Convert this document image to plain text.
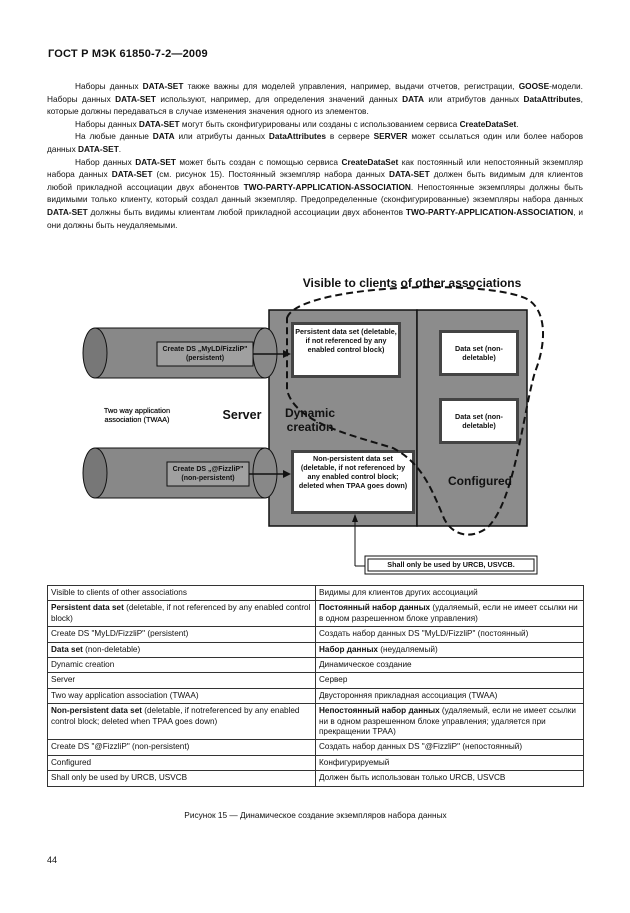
ГОСТ Р МЭК 61850-7-2—2009

Наборы данных DATA-SET также важны для моделей управления, например, выдачи отчетов, регистрации, GOOSE-модели. Наборы данных DATA-SET используют, например, для определения значений данных DATA или атрибутов данных DataAttributes, которые должны передаваться в случае изменения значения одного из элементов.

Наборы данных DATA-SET могут быть сконфигурированы или созданы с использованием сервиса CreateDataSet.

На любые данные DATA или атрибуты данных DataAttributes в сервере SERVER может ссылаться один или более наборов данных DATA-SET.

Набор данных DATA-SET может быть создан с помощью сервиса CreateDataSet как постоянный или непостоянный экземпляр набора данных DATA-SET (см. рисунок 15). Постоянный экземпляр набора данных DATA-SET должен быть видимым для клиентов любой прикладной ассоциации двух абонентов TWO-PARTY-APPLICATION-ASSOCIATION. Непостоянные экземпляры должны быть видимыми только клиенту, который создал данный экземпляр. Предопределенные (сконфигурированные) экземпляры набора данных DATA-SET должны быть видимы клиентам любой прикладной ассоциации двух абонентов TWO-PARTY-APPLICATION-ASSOCIATION, и они должны быть неудаляемыми.

Visible to clients of other associations
Persistent data set (deletable, if not referenced by any enabled control block)
Create DS „MyLD/FizzliP" (persistent)
Two way application association (TWAA)	Server	Dynamic creation
Create DS „@FizzliP" (non-persistent)
Non-persistent data set (deletable, if not referenced by any enabled control block; deleted when TPAA goes down)
Data set (non-deletable)
Data set (non-deletable)
Configured
Shall only be used by URCB, USVCB.
Visible to clients of other associations	Видимы для клиентов других ассоциаций
Persistent data set (deletable, if not referenced by any enabled control block)	Постоянный набор данных (удаляемый, если не имеет ссылки ни в одном разрешенном блоке управления)
Create DS "MyLD/FizzliP" (persistent)	Создать набор данных DS "MyLD/FizzliP" (постоянный)
Data set (non-deletable)	Набор данных (неудаляемый)
Dynamic creation	Динамическое создание
Server	Сервер
Two way application association (TWAA)	Двусторонняя прикладная ассоциация (TWAA)
Non-persistent data set (deletable, if notreferenced by any enabled control block; deleted when TPAA goes down)	Непостоянный набор данных (удаляемый, если не имеет ссылки ни в одном разрешенном блоке управления; удаляется при прекращении TPAA)
Create DS "@FizzliP" (non-persistent)	Создать набор данных DS "@FizzliP" (непостоянный)
Configured	Конфигурируемый
Shall only be used by URCB, USVCB	Должен быть использован только URCB, USVCB
Рисунок 15 — Динамическое создание экземпляров набора данных
44
